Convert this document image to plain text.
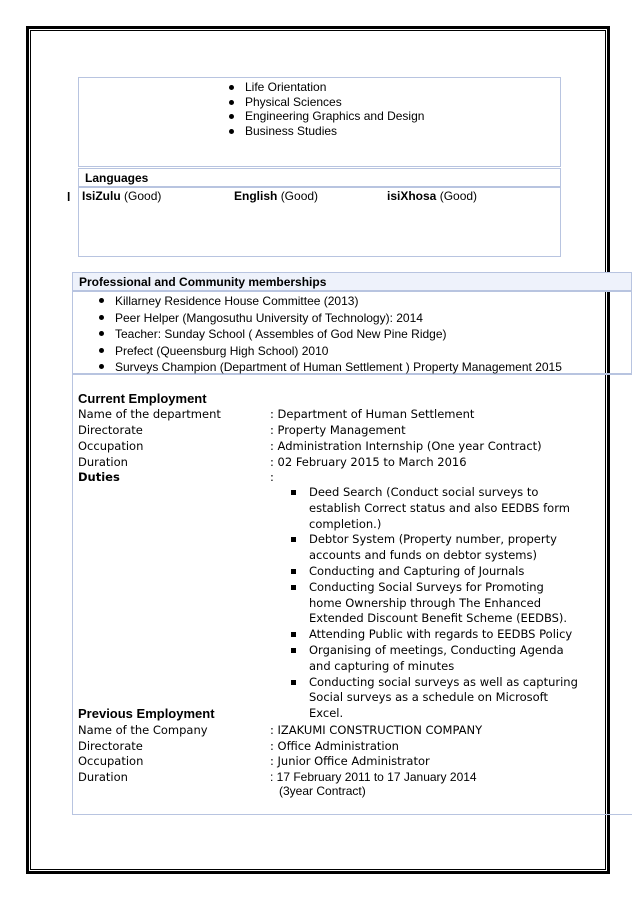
Life Orientation
Physical Sciences
Engineering Graphics and Design
Business Studies
Languages
l IsiZulu (Good)	English (Good)	isiXhosa (Good)
Professional and Community memberships
Killarney Residence House Committee (2013)
Peer Helper (Mangosuthu University of Technology): 2014
Teacher: Sunday School ( Assembles of God New Pine Ridge)
Prefect (Queensburg High School) 2010
Surveys Champion (Department of Human Settlement ) Property Management 2015
Current Employment
Name of the department	: Department of Human Settlement
Directorate	: Property Management
Occupation	: Administration Internship (One year Contract)
Duration	: 02 February 2015 to March 2016
Duties	:
Deed Search (Conduct social surveys to establish Correct status and also EEDBS form completion.)
Debtor System (Property number, property accounts and funds on debtor systems)
Conducting and Capturing of Journals
Conducting Social Surveys for Promoting home Ownership through The Enhanced Extended Discount Benefit Scheme (EEDBS).
Attending Public with regards to EEDBS Policy
Organising of meetings, Conducting Agenda and capturing of minutes
Conducting social surveys as well as capturing Social surveys as a schedule on Microsoft Excel.
Previous Employment
Name of the Company	: IZAKUMI CONSTRUCTION COMPANY
Directorate	: Office Administration
Occupation	: Junior Office Administrator
Duration	: 17 February 2011 to 17 January 2014
(3year Contract)
